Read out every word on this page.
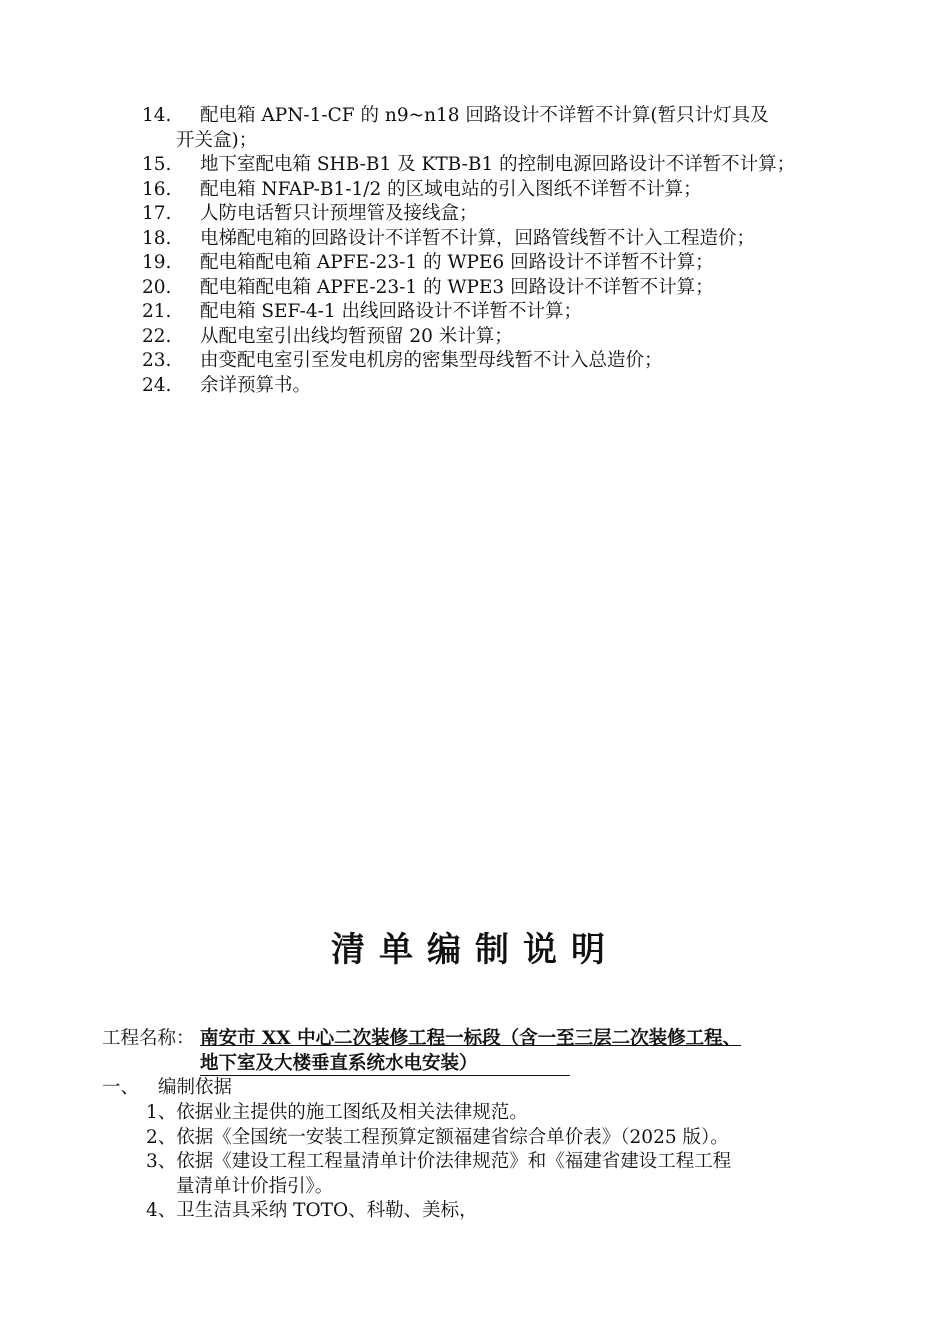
14.	配电箱 APN-1-CF 的 n9~n18 回路设计不详暂不计算(暂只计灯具及
开关盒)；
15.	地下室配电箱 SHB-B1 及 KTB-B1 的控制电源回路设计不详暂不计算；
16.	配电箱 NFAP-B1-1/2 的区域电站的引入图纸不详暂不计算；
17.	人防电话暂只计预埋管及接线盒；
18.	电梯配电箱的回路设计不详暂不计算，回路管线暂不计入工程造价；
19.	配电箱配电箱 APFE-23-1 的 WPE6 回路设计不详暂不计算；
20.	配电箱配电箱 APFE-23-1 的 WPE3 回路设计不详暂不计算；
21.	配电箱 SEF-4-1 出线回路设计不详暂不计算；
22.	从配电室引出线均暂预留 20 米计算；
23.	由变配电室引至发电机房的密集型母线暂不计入总造价；
24.	余详预算书。
清单编制说明
工程名称： 南安市 XX 中心二次装修工程一标段（含一至三层二次装修工程、
地下室及大楼垂直系统水电安装）
一、 编制依据
1、依据业主提供的施工图纸及相关法律规范。
2、依据《全国统一安装工程预算定额福建省综合单价表》（2025 版）。
3、依据《建设工程工程量清单计价法律规范》和《福建省建设工程工程
量清单计价指引》。
4、卫生洁具采纳 TOTO、科勒、美标，
